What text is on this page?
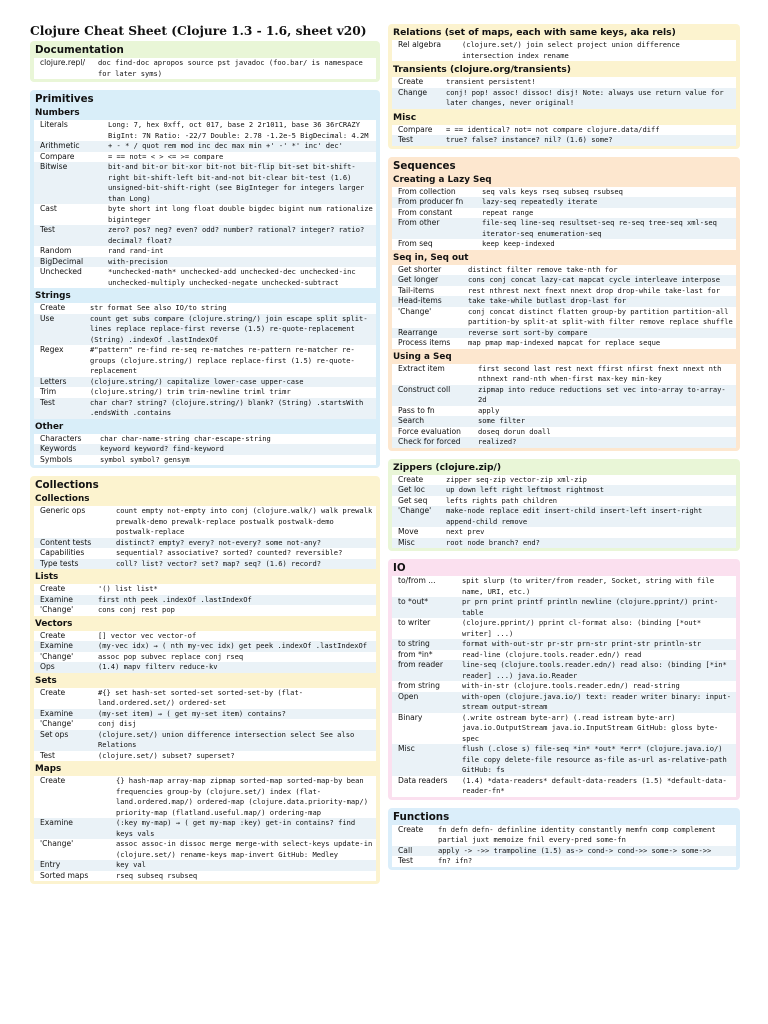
Clojure Cheat Sheet (Clojure 1.3 - 1.6, sheet v20)
Documentation
clojure.repl/	doc find-doc apropos source pst javadoc (foo.bar/ is namespace for later syms)
Primitives
Numbers
Literals	Long: 7, hex 0xff, oct 017, base 2 2r1011, base 36 36rCRAZY BigInt: 7N Ratio: -22/7 Double: 2.78 -1.2e-5 BigDecimal: 4.2M
Arithmetic	+ - * / quot rem mod inc dec max min +' -' *' inc' dec'
Compare	= == not= < > <= >= compare
Bitwise	bit-and bit-or bit-xor bit-not bit-flip bit-set bit-shift-right bit-shift-left bit-and-not bit-clear bit-test (1.6) unsigned-bit-shift-right (see BigInteger for integers larger than Long)
Cast	byte short int long float double bigdec bigint num rationalize biginteger
Test	zero? pos? neg? even? odd? number? rational? integer? ratio? decimal? float?
Random	rand rand-int
BigDecimal	with-precision
Unchecked	*unchecked-math* unchecked-add unchecked-dec unchecked-inc unchecked-multiply unchecked-negate unchecked-subtract
Strings
Create	str format See also IO/to string
Use	count get subs compare (clojure.string/) join escape split split-lines replace replace-first reverse (1.5) re-quote-replacement (String) .indexOf .lastIndexOf
Regex	#"pattern" re-find re-seq re-matches re-pattern re-matcher re-groups (clojure.string/) replace replace-first (1.5) re-quote-replacement
Letters	(clojure.string/) capitalize lower-case upper-case
Trim	(clojure.string/) trim trim-newline triml trimr
Test	char char? string? (clojure.string/) blank? (String) .startsWith .endsWith .contains
Other
Characters	char char-name-string char-escape-string
Keywords	keyword keyword? find-keyword
Symbols	symbol symbol? gensym
Collections
Collections
Generic ops	count empty not-empty into conj (clojure.walk/) walk prewalk prewalk-demo prewalk-replace postwalk postwalk-demo postwalk-replace
Content tests	distinct? empty? every? not-every? some not-any?
Capabilities	sequential? associative? sorted? counted? reversible?
Type tests	coll? list? vector? set? map? seq? (1.6) record?
Lists
Create	'() list list*
Examine	first nth peek .indexOf .lastIndexOf
'Change'	cons conj rest pop
Vectors
Create	[] vector vec vector-of
Examine	(my-vec idx) → ( nth my-vec idx) get peek .indexOf .lastIndexOf
'Change'	assoc pop subvec replace conj rseq
Ops	(1.4) mapv filterv reduce-kv
Sets
Create	#{} set hash-set sorted-set sorted-set-by (flat-land.ordered.set/) ordered-set
Examine	(my-set item) → ( get my-set item) contains?
'Change'	conj disj
Set ops	(clojure.set/) union difference intersection select See also Relations
Test	(clojure.set/) subset? superset?
Maps
Create	{} hash-map array-map zipmap sorted-map sorted-map-by bean frequencies group-by (clojure.set/) index (flat-land.ordered.map/) ordered-map (clojure.data.priority-map/) priority-map (flatland.useful.map/) ordering-map
Examine	(:key my-map) → ( get my-map :key) get-in contains? find keys vals
'Change'	assoc assoc-in dissoc merge merge-with select-keys update-in (clojure.set/) rename-keys map-invert GitHub: Medley
Entry	key val
Sorted maps	rseq subseq rsubseq
Relations (set of maps, each with same keys, aka rels)
Rel algebra	(clojure.set/) join select project union difference intersection index rename
Transients (clojure.org/transients)
Create	transient persistent!
Change	conj! pop! assoc! dissoc! disj! Note: always use return value for later changes, never original!
Misc
Compare	= == identical? not= not compare clojure.data/diff
Test	true? false? instance? nil? (1.6) some?
Sequences
Creating a Lazy Seq
From collection	seq vals keys rseq subseq rsubseq
From producer fn	lazy-seq repeatedly iterate
From constant	repeat range
From other	file-seq line-seq resultset-seq re-seq tree-seq xml-seq iterator-seq enumeration-seq
From seq	keep keep-indexed
Seq in, Seq out
Get shorter	distinct filter remove take-nth for
Get longer	cons conj concat lazy-cat mapcat cycle interleave interpose
Tail-items	rest nthrest next fnext nnext drop drop-while take-last for
Head-items	take take-while butlast drop-last for
'Change'	conj concat distinct flatten group-by partition partition-all partition-by split-at split-with filter remove replace shuffle
Rearrange	reverse sort sort-by compare
Process items	map pmap map-indexed mapcat for replace seque
Using a Seq
Extract item	first second last rest next ffirst nfirst fnext nnext nth nthnext rand-nth when-first max-key min-key
Construct coll	zipmap into reduce reductions set vec into-array to-array-2d
Pass to fn	apply
Search	some filter
Force evaluation	doseq dorun doall
Check for forced	realized?
Zippers (clojure.zip/)
Create	zipper seq-zip vector-zip xml-zip
Get loc	up down left right leftmost rightmost
Get seq	lefts rights path children
'Change'	make-node replace edit insert-child insert-left insert-right append-child remove
Move	next prev
Misc	root node branch? end?
IO
to/from ...	spit slurp (to writer/from reader, Socket, string with file name, URI, etc.)
to *out*	pr prn print printf println newline (clojure.pprint/) print-table
to writer	(clojure.pprint/) pprint cl-format also: (binding [*out* writer] ...)
to string	format with-out-str pr-str prn-str print-str println-str
from *in*	read-line (clojure.tools.reader.edn/) read
from reader	line-seq (clojure.tools.reader.edn/) read also: (binding [*in* reader] ...) java.io.Reader
from string	with-in-str (clojure.tools.reader.edn/) read-string
Open	with-open (clojure.java.io/) text: reader writer binary: input-stream output-stream
Binary	(.write ostream byte-arr) (.read istream byte-arr) java.io.OutputStream java.io.InputStream GitHub: gloss byte-spec
Misc	flush (.close s) file-seq *in* *out* *err* (clojure.java.io/) file copy delete-file resource as-file as-url as-relative-path GitHub: fs
Data readers	(1.4) *data-readers* default-data-readers (1.5) *default-data-reader-fn*
Functions
Create	fn defn defn- definline identity constantly memfn comp complement partial juxt memoize fnil every-pred some-fn
Call	apply -> ->> trampoline (1.5) as-> cond-> cond->> some-> some->>
Test	fn? ifn?
